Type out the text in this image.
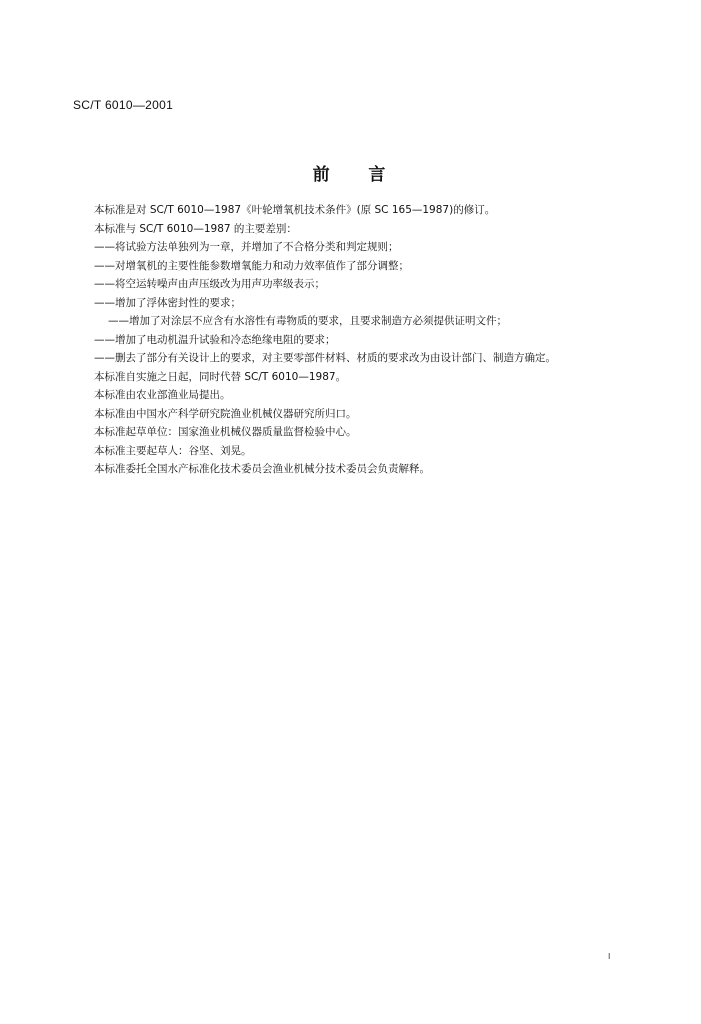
SC/T 6010—2001
前    言
本标准是对 SC/T 6010—1987《叶轮增氧机技术条件》(原 SC 165—1987)的修订。
本标准与 SC/T 6010—1987 的主要差别：
——将试验方法单独列为一章，并增加了不合格分类和判定规则；
——对增氧机的主要性能参数增氧能力和动力效率值作了部分调整；
——将空运转噪声由声压级改为用声功率级表示；
——增加了浮体密封性的要求；
——增加了对涂层不应含有水溶性有毒物质的要求，且要求制造方必须提供证明文件；
——增加了电动机温升试验和冷态绝缘电阻的要求；
——删去了部分有关设计上的要求，对主要零部件材料、材质的要求改为由设计部门、制造方确定。
本标准自实施之日起，同时代替 SC/T 6010—1987。
本标准由农业部渔业局提出。
本标准由中国水产科学研究院渔业机械仪器研究所归口。
本标准起草单位：国家渔业机械仪器质量监督检验中心。
本标准主要起草人：谷坚、刘晃。
本标准委托全国水产标准化技术委员会渔业机械分技术委员会负责解释。
I
